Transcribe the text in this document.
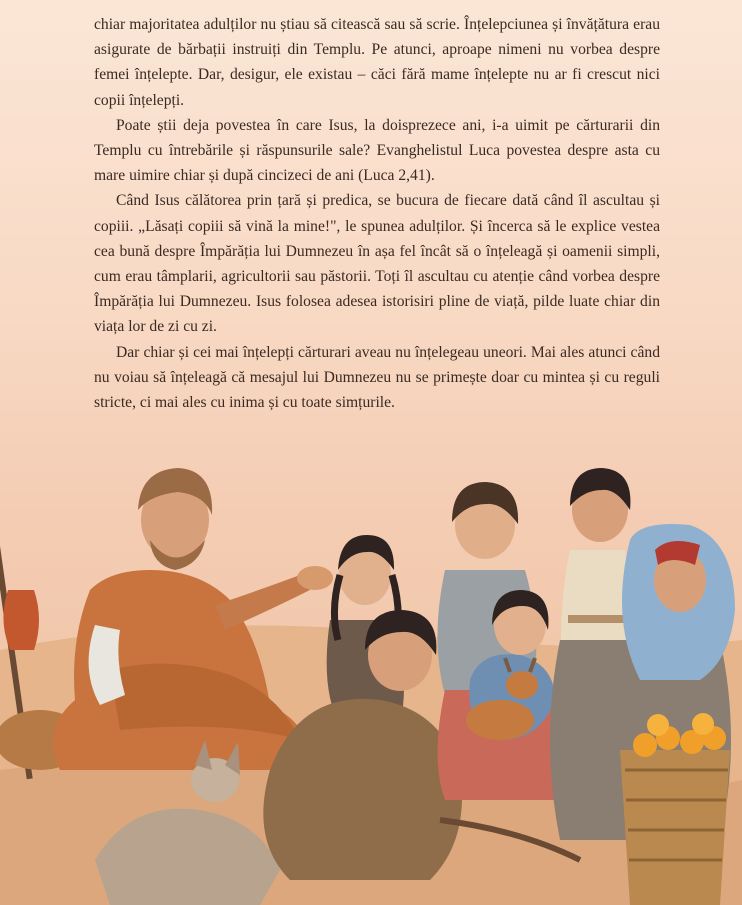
chiar majoritatea adulților nu știau să citească sau să scrie. Înțelepciunea și învățătura erau asigurate de bărbații instruiți din Templu. Pe atunci, aproape nimeni nu vorbea despre femei înțelepte. Dar, desigur, ele existau – căci fără mame înțelepte nu ar fi crescut nici copii înțelepți.

Poate știi deja povestea în care Isus, la doisprezece ani, i-a uimit pe cărturarii din Templu cu întrebările și răspunsurile sale? Evanghelistul Luca povestea despre asta cu mare uimire chiar și după cincizeci de ani (Luca 2,41).

Când Isus călătorea prin țară și predica, se bucura de fiecare dată când îl ascultau și copiii. „Lăsați copiii să vină la mine!", le spunea adulților. Și încerca să le explice vestea cea bună despre Împărăția lui Dumnezeu în așa fel încât să o înțeleagă și oamenii simpli, cum erau tâmplarii, agricultorii sau păstorii. Toți îl ascultau cu atenție când vorbea despre Împărăția lui Dumnezeu. Isus folosea adesea istorisiri pline de viață, pilde luate chiar din viața lor de zi cu zi.

Dar chiar și cei mai înțelepți cărturari aveau nu înțelegeau uneori. Mai ales atunci când nu voiau să înțeleagă că mesajul lui Dumnezeu nu se primește doar cu mintea și cu reguli stricte, ci mai ales cu inima și cu toate simțurile.
